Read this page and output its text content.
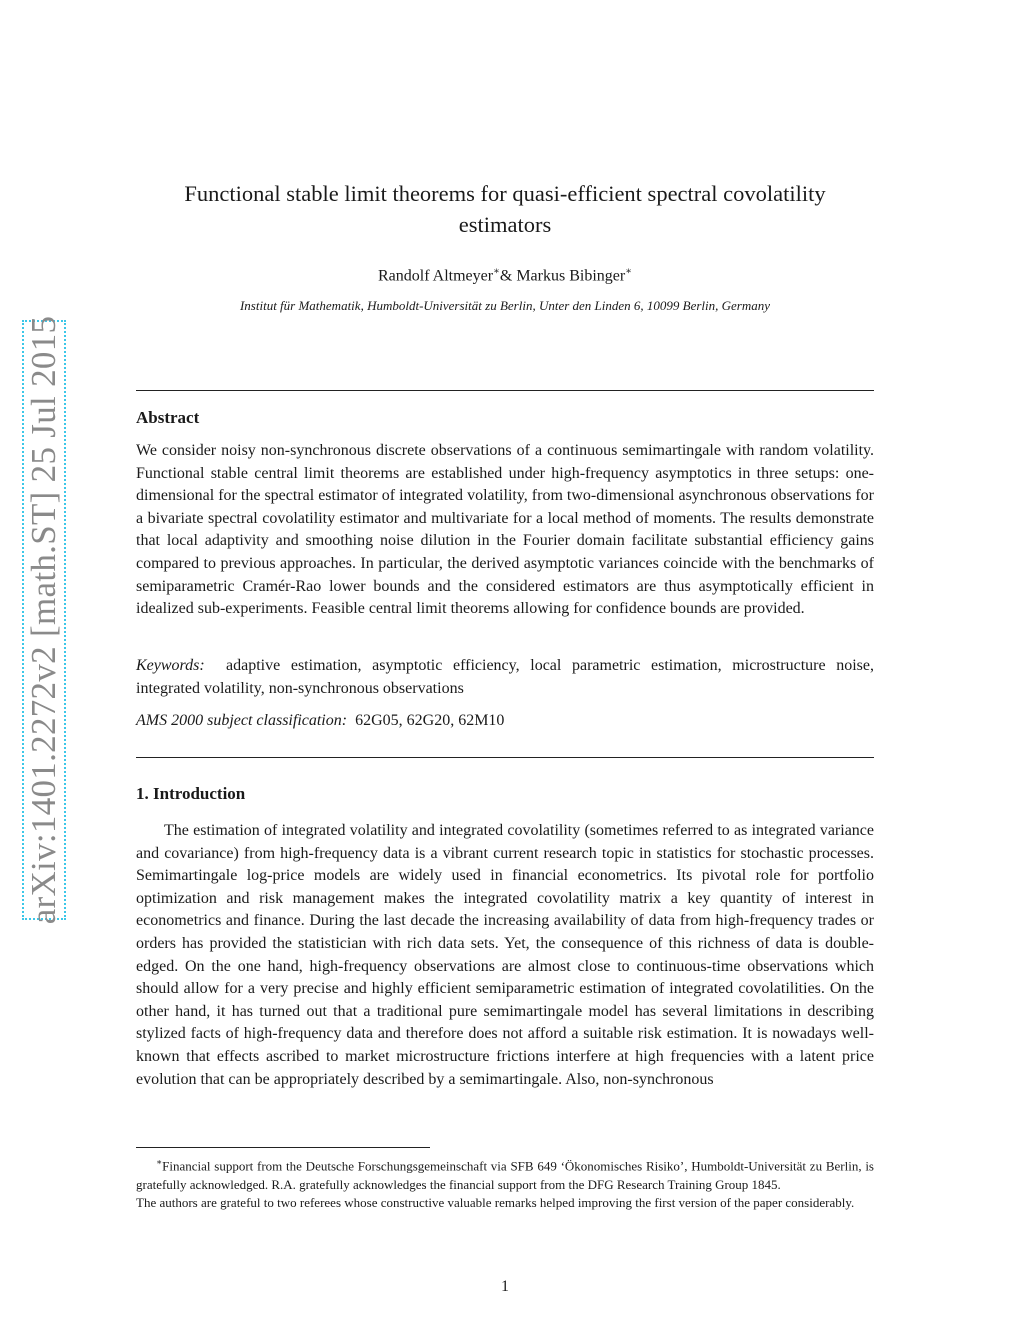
arXiv:1401.2272v2 [math.ST] 25 Jul 2015
Functional stable limit theorems for quasi-efficient spectral covolatility estimators
Randolf Altmeyer∗& Markus Bibinger∗
Institut für Mathematik, Humboldt-Universität zu Berlin, Unter den Linden 6, 10099 Berlin, Germany
Abstract
We consider noisy non-synchronous discrete observations of a continuous semimartingale with random volatility. Functional stable central limit theorems are established under high-frequency asymptotics in three setups: one-dimensional for the spectral estimator of integrated volatility, from two-dimensional asynchronous observations for a bivariate spectral covolatility estimator and multivariate for a local method of moments. The results demonstrate that local adaptivity and smoothing noise dilution in the Fourier domain facilitate substantial efficiency gains compared to previous approaches. In particular, the derived asymptotic variances coincide with the benchmarks of semiparametric Cramér-Rao lower bounds and the considered estimators are thus asymptotically efficient in idealized sub-experiments. Feasible central limit theorems allowing for confidence bounds are provided.
Keywords: adaptive estimation, asymptotic efficiency, local parametric estimation, microstructure noise, integrated volatility, non-synchronous observations
AMS 2000 subject classification: 62G05, 62G20, 62M10
1. Introduction
The estimation of integrated volatility and integrated covolatility (sometimes referred to as integrated variance and covariance) from high-frequency data is a vibrant current research topic in statistics for stochastic processes. Semimartingale log-price models are widely used in financial econometrics. Its pivotal role for portfolio optimization and risk management makes the integrated covolatility matrix a key quantity of interest in econometrics and finance. During the last decade the increasing availability of data from high-frequency trades or orders has provided the statistician with rich data sets. Yet, the consequence of this richness of data is double-edged. On the one hand, high-frequency observations are almost close to continuous-time observations which should allow for a very precise and highly efficient semiparametric estimation of integrated covolatilities. On the other hand, it has turned out that a traditional pure semimartingale model has several limitations in describing stylized facts of high-frequency data and therefore does not afford a suitable risk estimation. It is nowadays well-known that effects ascribed to market microstructure frictions interfere at high frequencies with a latent price evolution that can be appropriately described by a semimartingale. Also, non-synchronous

∗Financial support from the Deutsche Forschungsgemeinschaft via SFB 649 ‘Ökonomisches Risiko’, Humboldt-Universität zu Berlin, is gratefully acknowledged. R.A. gratefully acknowledges the financial support from the DFG Research Training Group 1845.

The authors are grateful to two referees whose constructive valuable remarks helped improving the first version of the paper considerably.

1
